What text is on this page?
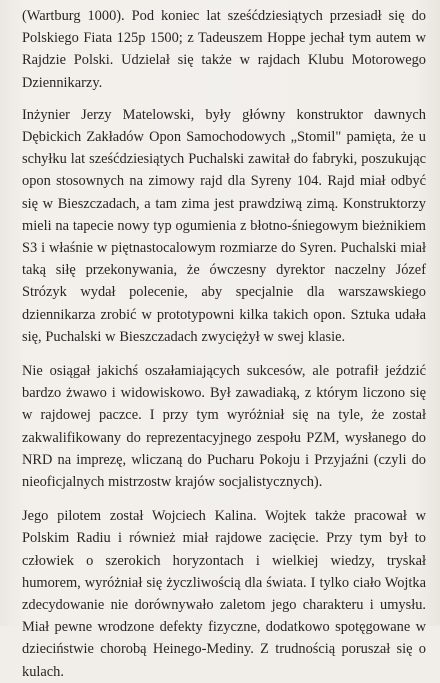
(Wartburg 1000). Pod koniec lat sześćdziesiątych przesiadł się do Polskiego Fiata 125p 1500; z Tadeuszem Hoppe jechał tym autem w Rajdzie Polski. Udzielał się także w rajdach Klubu Motorowego Dziennikarzy.

Inżynier Jerzy Matelowski, były główny konstruktor dawnych Dębickich Zakładów Opon Samochodowych „Stomil" pamięta, że u schyłku lat sześćdziesiątych Puchalski zawitał do fabryki, poszukując opon stosownych na zimowy rajd dla Syreny 104. Rajd miał odbyć się w Bieszczadach, a tam zima jest prawdziwą zimą. Konstruktorzy mieli na tapecie nowy typ ogumienia z błotno-śniegowym bieżnikiem S3 i właśnie w piętnastocalowym rozmiarze do Syren. Puchalski miał taką siłę przekonywania, że ówczesny dyrektor naczelny Józef Strózyk wydał polecenie, aby specjalnie dla warszawskiego dziennikarza zrobić w prototypowni kilka takich opon. Sztuka udała się, Puchalski w Bieszczadach zwyciężył w swej klasie.

Nie osiągał jakichś oszałamiających sukcesów, ale potrafił jeździć bardzo żwawo i widowiskowo. Był zawadiaką, z którym liczono się w rajdowej paczce. I przy tym wyróżniał się na tyle, że został zakwalifikowany do reprezentacyjnego zespołu PZM, wysłanego do NRD na imprezę, wliczaną do Pucharu Pokoju i Przyjaźni (czyli do nieoficjalnych mistrzostw krajów socjalistycznych).

Jego pilotem został Wojciech Kalina. Wojtek także pracował w Polskim Radiu i również miał rajdowe zacięcie. Przy tym był to człowiek o szerokich horyzontach i wielkiej wiedzy, tryskał humorem, wyróżniał się życzliwością dla świata. I tylko ciało Wojtka zdecydowanie nie dorównywało zaletom jego charakteru i umysłu. Miał pewne wrodzone defekty fizyczne, dodatkowo spotęgowane w dzieciństwie chorobą Heinego-Mediny. Z trudnością poruszał się o kulach.
